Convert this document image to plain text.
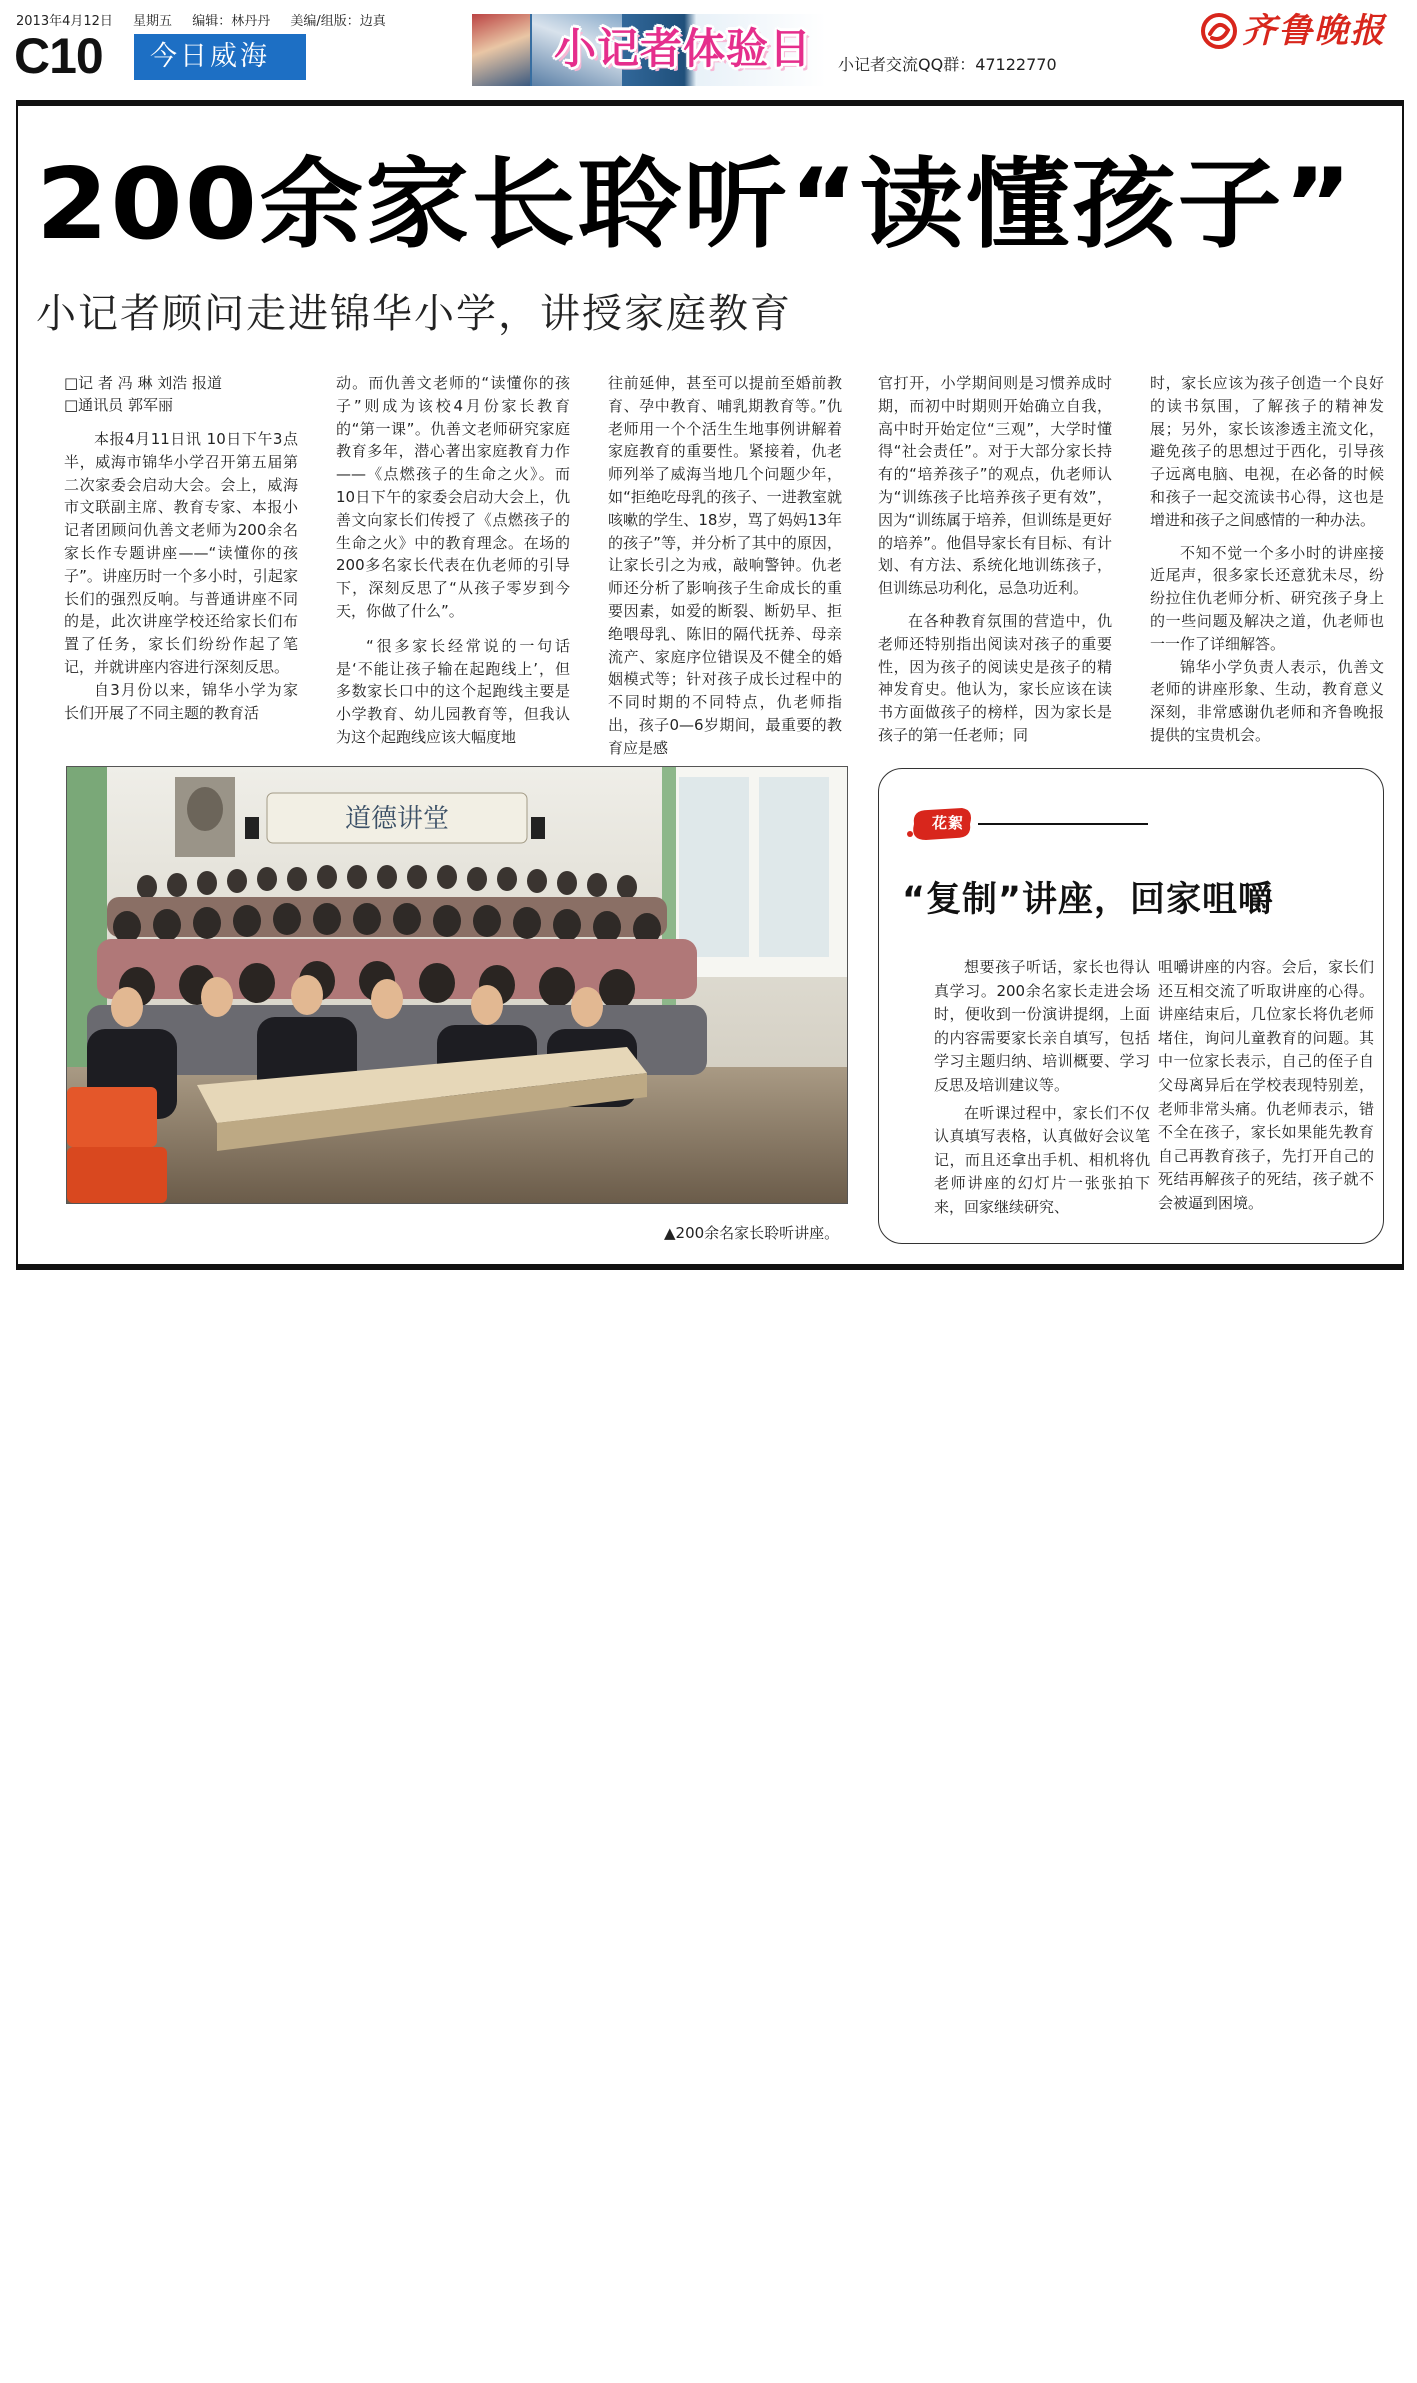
2013年4月12日 星期五 编辑：林丹丹 美编/组版：边真
C10	今日威海	小记者体验日 小记者交流QQ群：47122770
齐鲁晚报
200余家长聆听“读懂孩子”
小记者顾问走进锦华小学，讲授家庭教育

□记 者 冯 琳 刘浩 报道

□通讯员 郭军丽

本报4月11日讯 10日下午3点半，威海市锦华小学召开第五届第二次家委会启动大会。会上，威海市文联副主席、教育专家、本报小记者团顾问仇善文老师为200余名家长作专题讲座——“读懂你的孩子”。讲座历时一个多小时，引起家长们的强烈反响。与普通讲座不同的是，此次讲座学校还给家长们布置了任务，家长们纷纷作起了笔记，并就讲座内容进行深刻反思。

自3月份以来，锦华小学为家长们开展了不同主题的教育活

动。而仇善文老师的“读懂你的孩子”则成为该校4月份家长教育的“第一课”。仇善文老师研究家庭教育多年，潜心著出家庭教育力作——《点燃孩子的生命之火》。而10日下午的家委会启动大会上，仇善文向家长们传授了《点燃孩子的生命之火》中的教育理念。在场的200多名家长代表在仇老师的引导下，深刻反思了“从孩子零岁到今天，你做了什么”。

“很多家长经常说的一句话是‘不能让孩子输在起跑线上’，但多数家长口中的这个起跑线主要是小学教育、幼儿园教育等，但我认为这个起跑线应该大幅度地

往前延伸，甚至可以提前至婚前教育、孕中教育、哺乳期教育等。”仇老师用一个个活生生地事例讲解着家庭教育的重要性。紧接着，仇老师列举了威海当地几个问题少年，如“拒绝吃母乳的孩子、一进教室就咳嗽的学生、18岁，骂了妈妈13年的孩子”等，并分析了其中的原因，让家长引之为戒，敲响警钟。仇老师还分析了影响孩子生命成长的重要因素，如爱的断裂、断奶早、拒绝喂母乳、陈旧的隔代抚养、母亲流产、家庭序位错误及不健全的婚姻模式等；针对孩子成长过程中的不同时期的不同特点，仇老师指出，孩子0—6岁期间，最重要的教育应是感

官打开，小学期间则是习惯养成时期，而初中时期则开始确立自我，高中时开始定位“三观”，大学时懂得“社会责任”。对于大部分家长持有的“培养孩子”的观点，仇老师认为“训练孩子比培养孩子更有效”，因为“训练属于培养，但训练是更好的培养”。他倡导家长有目标、有计划、有方法、系统化地训练孩子，但训练忌功利化，忌急功近利。

在各种教育氛围的营造中，仇老师还特别指出阅读对孩子的重要性，因为孩子的阅读史是孩子的精神发育史。他认为，家长应该在读书方面做孩子的榜样，因为家长是孩子的第一任老师；同

时，家长应该为孩子创造一个良好的读书氛围，了解孩子的精神发展；另外，家长该渗透主流文化，避免孩子的思想过于西化，引导孩子远离电脑、电视，在必备的时候和孩子一起交流读书心得，这也是增进和孩子之间感情的一种办法。

不知不觉一个多小时的讲座接近尾声，很多家长还意犹未尽，纷纷拉住仇老师分析、研究孩子身上的一些问题及解决之道，仇老师也一一作了详细解答。

锦华小学负责人表示，仇善文老师的讲座形象、生动，教育意义深刻，非常感谢仇老师和齐鲁晚报提供的宝贵机会。

道德讲堂
▲200余名家长聆听讲座。
花絮
“复制”讲座，回家咀嚼

想要孩子听话，家长也得认真学习。200余名家长走进会场时，便收到一份演讲提纲，上面的内容需要家长亲自填写，包括学习主题归纳、培训概要、学习反思及培训建议等。

在听课过程中，家长们不仅认真填写表格，认真做好会议笔记，而且还拿出手机、相机将仇老师讲座的幻灯片一张张拍下来，回家继续研究、

咀嚼讲座的内容。会后，家长们还互相交流了听取讲座的心得。讲座结束后，几位家长将仇老师堵住，询问儿童教育的问题。其中一位家长表示，自己的侄子自父母离异后在学校表现特别差，老师非常头痛。仇老师表示，错不全在孩子，家长如果能先教育自己再教育孩子，先打开自己的死结再解孩子的死结，孩子就不会被逼到困境。
